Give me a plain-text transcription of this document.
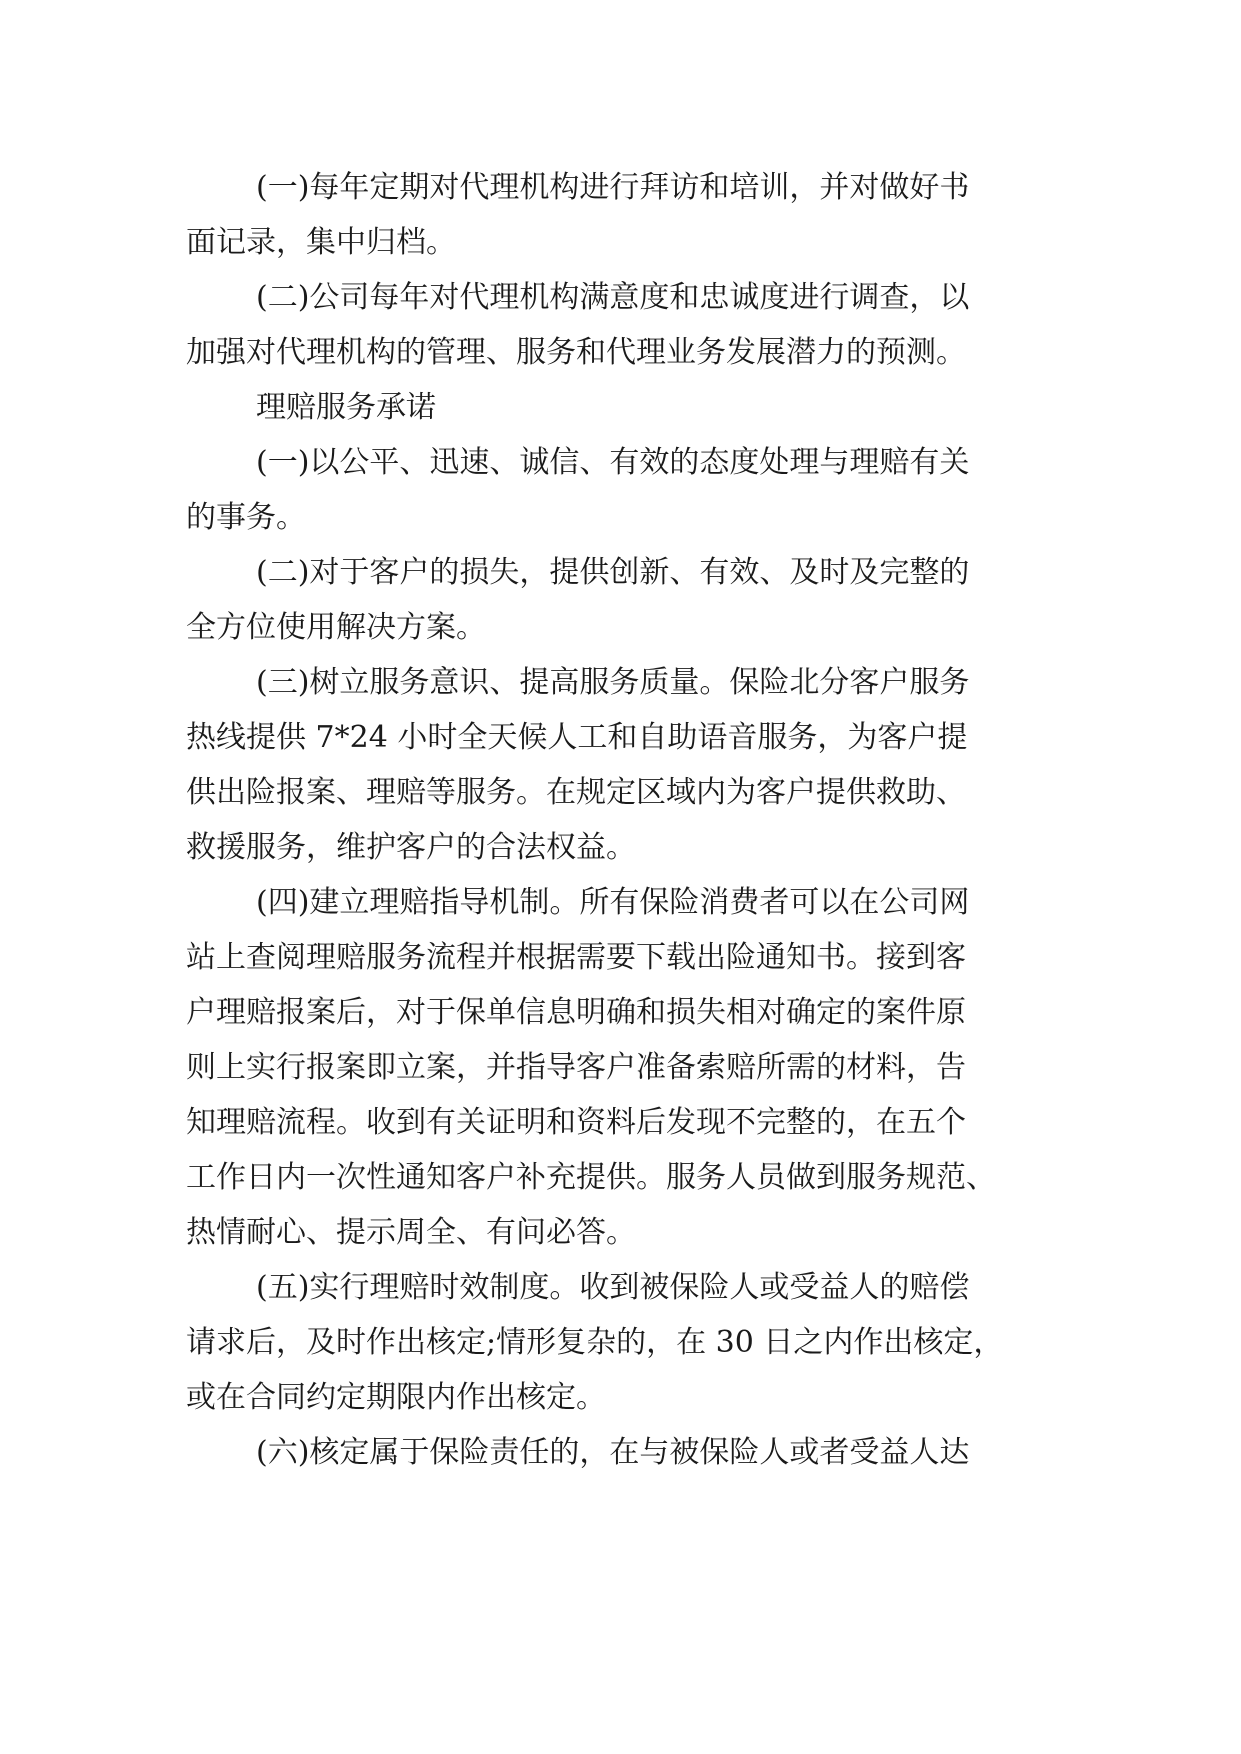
(一)每年定期对代理机构进行拜访和培训，并对做好书
面记录，集中归档。

(二)公司每年对代理机构满意度和忠诚度进行调查，以
加强对代理机构的管理、服务和代理业务发展潜力的预测。

理赔服务承诺

(一)以公平、迅速、诚信、有效的态度处理与理赔有关
的事务。

(二)对于客户的损失，提供创新、有效、及时及完整的
全方位使用解决方案。

(三)树立服务意识、提高服务质量。保险北分客户服务
热线提供 7*24 小时全天候人工和自助语音服务，为客户提
供出险报案、理赔等服务。在规定区域内为客户提供救助、
救援服务，维护客户的合法权益。

(四)建立理赔指导机制。所有保险消费者可以在公司网
站上查阅理赔服务流程并根据需要下载出险通知书。接到客
户理赔报案后，对于保单信息明确和损失相对确定的案件原
则上实行报案即立案，并指导客户准备索赔所需的材料，告
知理赔流程。收到有关证明和资料后发现不完整的，在五个
工作日内一次性通知客户补充提供。服务人员做到服务规范、
热情耐心、提示周全、有问必答。

(五)实行理赔时效制度。收到被保险人或受益人的赔偿
请求后，及时作出核定;情形复杂的，在 30 日之内作出核定，
或在合同约定期限内作出核定。

(六)核定属于保险责任的，在与被保险人或者受益人达
